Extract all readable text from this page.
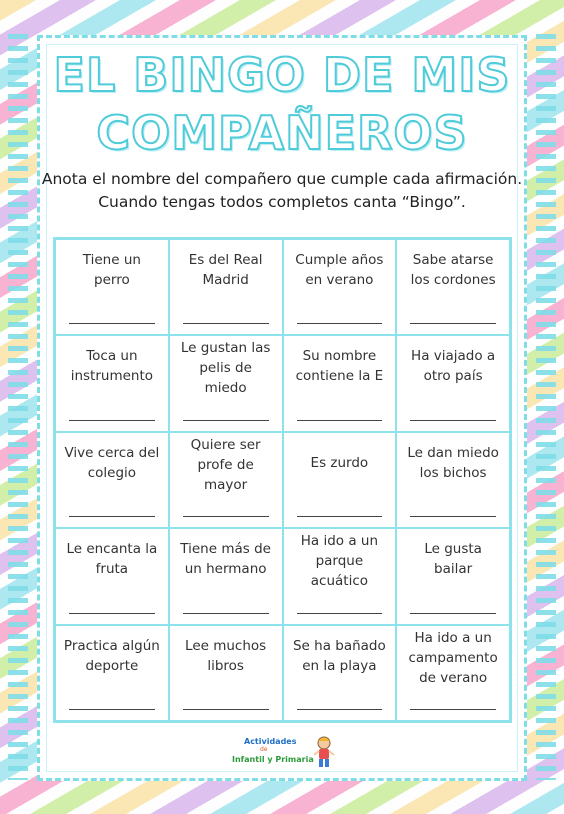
EL BINGO DE MIS
COMPAÑEROS
Anota el nombre del compañero que cumple cada afirmación. Cuando tengas todos completos canta “Bingo”.
Tiene un perro
Es del Real Madrid
Cumple años en verano
Sabe atarse los cordones
Toca un instrumento
Le gustan las pelis de miedo
Su nombre contiene la E
Ha viajado a otro país
Vive cerca del colegio
Quiere ser profe de mayor
Es zurdo
Le dan miedo los bichos
Le encanta la fruta
Tiene más de un hermano
Ha ido a un parque acuático
Le gusta bailar
Practica algún deporte
Lee muchos libros
Se ha bañado en la playa
Ha ido a un campamento de verano
Actividades
de
Infantil y Primaria
